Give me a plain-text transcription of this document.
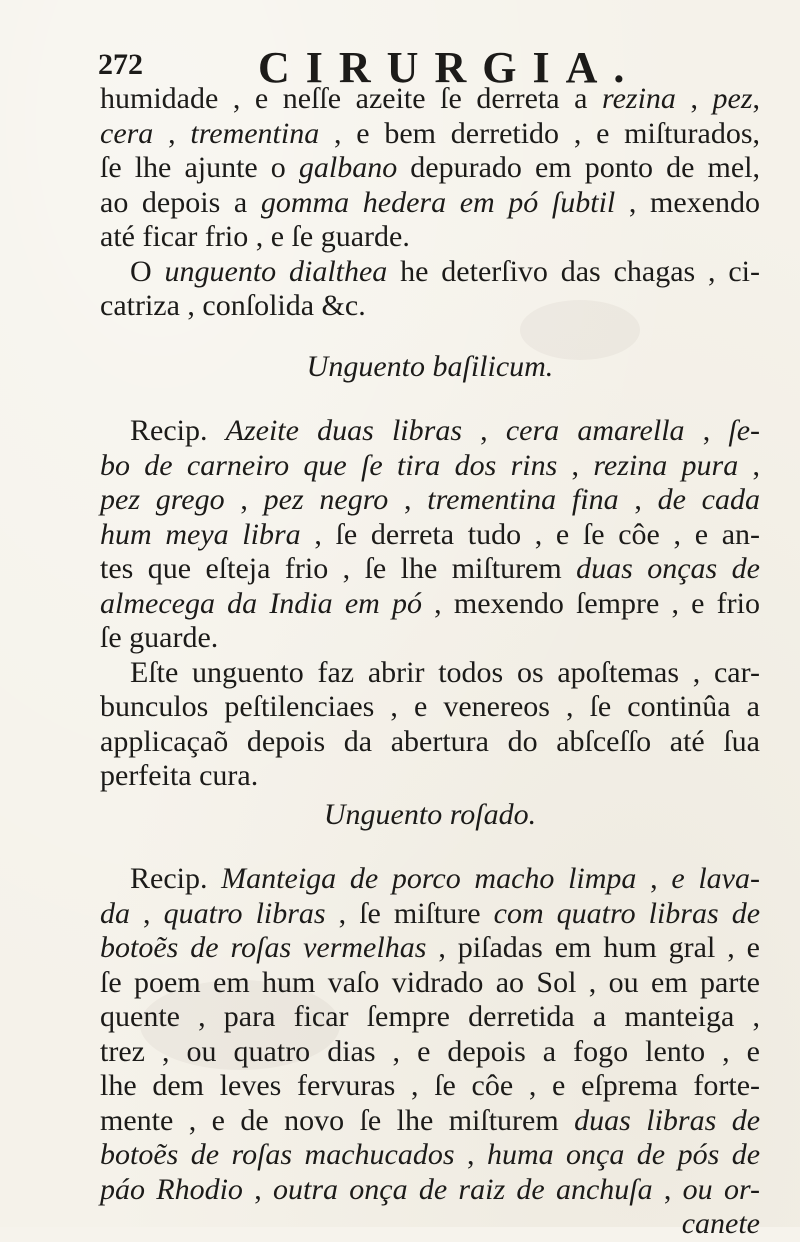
272	CIRURGIA.
humidade , e neſſe azeite ſe derreta a rezina , pez,
cera , trementina , e bem derretido , e miſturados,
ſe lhe ajunte o galbano depurado em ponto de mel,
ao depois a gomma hedera em pó ſubtil , mexendo
até ficar frio , e ſe guarde.
O unguento dialthea he deterſivo das chagas , ci-
catriza , conſolida &c.
Unguento baſilicum.
Recip. Azeite duas libras , cera amarella , ſe-
bo de carneiro que ſe tira dos rins , rezina pura ,
pez grego , pez negro , trementina fina , de cada
hum meya libra , ſe derreta tudo , e ſe côe , e an-
tes que eſteja frio , ſe lhe miſturem duas onças de
almecega da India em pó , mexendo ſempre , e frio
ſe guarde.
Eſte unguento faz abrir todos os apoſtemas , car-
bunculos peſtilenciaes , e venereos , ſe continûa a
applicaçaõ depois da abertura do abſceſſo até ſua
perfeita cura.
Unguento roſado.
Recip. Manteiga de porco macho limpa , e lava-
da , quatro libras , ſe miſture com quatro libras de
botoẽs de roſas vermelhas , piſadas em hum gral , e
ſe poem em hum vaſo vidrado ao Sol , ou em parte
quente , para ficar ſempre derretida a manteiga ,
trez , ou quatro dias , e depois a fogo lento , e
lhe dem leves fervuras , ſe côe , e eſprema forte-
mente , e de novo ſe lhe miſturem duas libras de
botoẽs de roſas machucados , huma onça de pós de
páo Rhodio , outra onça de raiz de anchuſa , ou or-
canete
